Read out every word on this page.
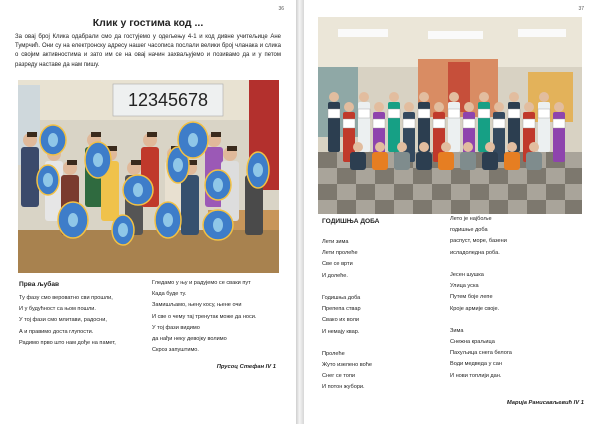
36
Клик у гостима код ...

За овај број Клика одабрали смо да гостујемо у одељењу 4-1 и код дивне учитељице Ане Тумрчић. Они су на електронску адресу нашег часописа послали велики број чланака и слика о својим активностима и зато им се на овај начин захваљујемо и позивамо да и у петом разреду наставе да нам пишу.

12345678
Прва љубав
Ту фазу смо вероватно сви прошли,
И у будућност са њом пошли.
У тој фази смо млитави, радосни,
А и правимо доста глупости.
Радимо прво што нам дође на памет,
Гледамо у њу и радујемо се сваки пут
Када буде ту.
Замишљамо, њену косу, њене очи
И све о чему тај тренутак може да носи.
У тој фази видимо
да нађи неку девојку волимо
Скроз запуштимо.
Прусоц Стефан IV 1
37
ГОДИШЊА ДОБА
Лети зима
Лети пролеће
Све се врти
И долеће.
Годишња доба
Препепа ствар
Свако их воли
И немају квар.
Пролеће
Жуто изелено воће
Снег се топи
И потон жубори.
Лето је најбоље
годишње доба
распуст, море, базени
исладоледна роба.
Јесен шушка
Улица уска
Путем боје лепе
Кроје армије своје.
Зима
Снежна краљица
Пахуљица снега белога
Води медведа у сан
И нови топлији дан.
Марија Ранисављевић IV 1
